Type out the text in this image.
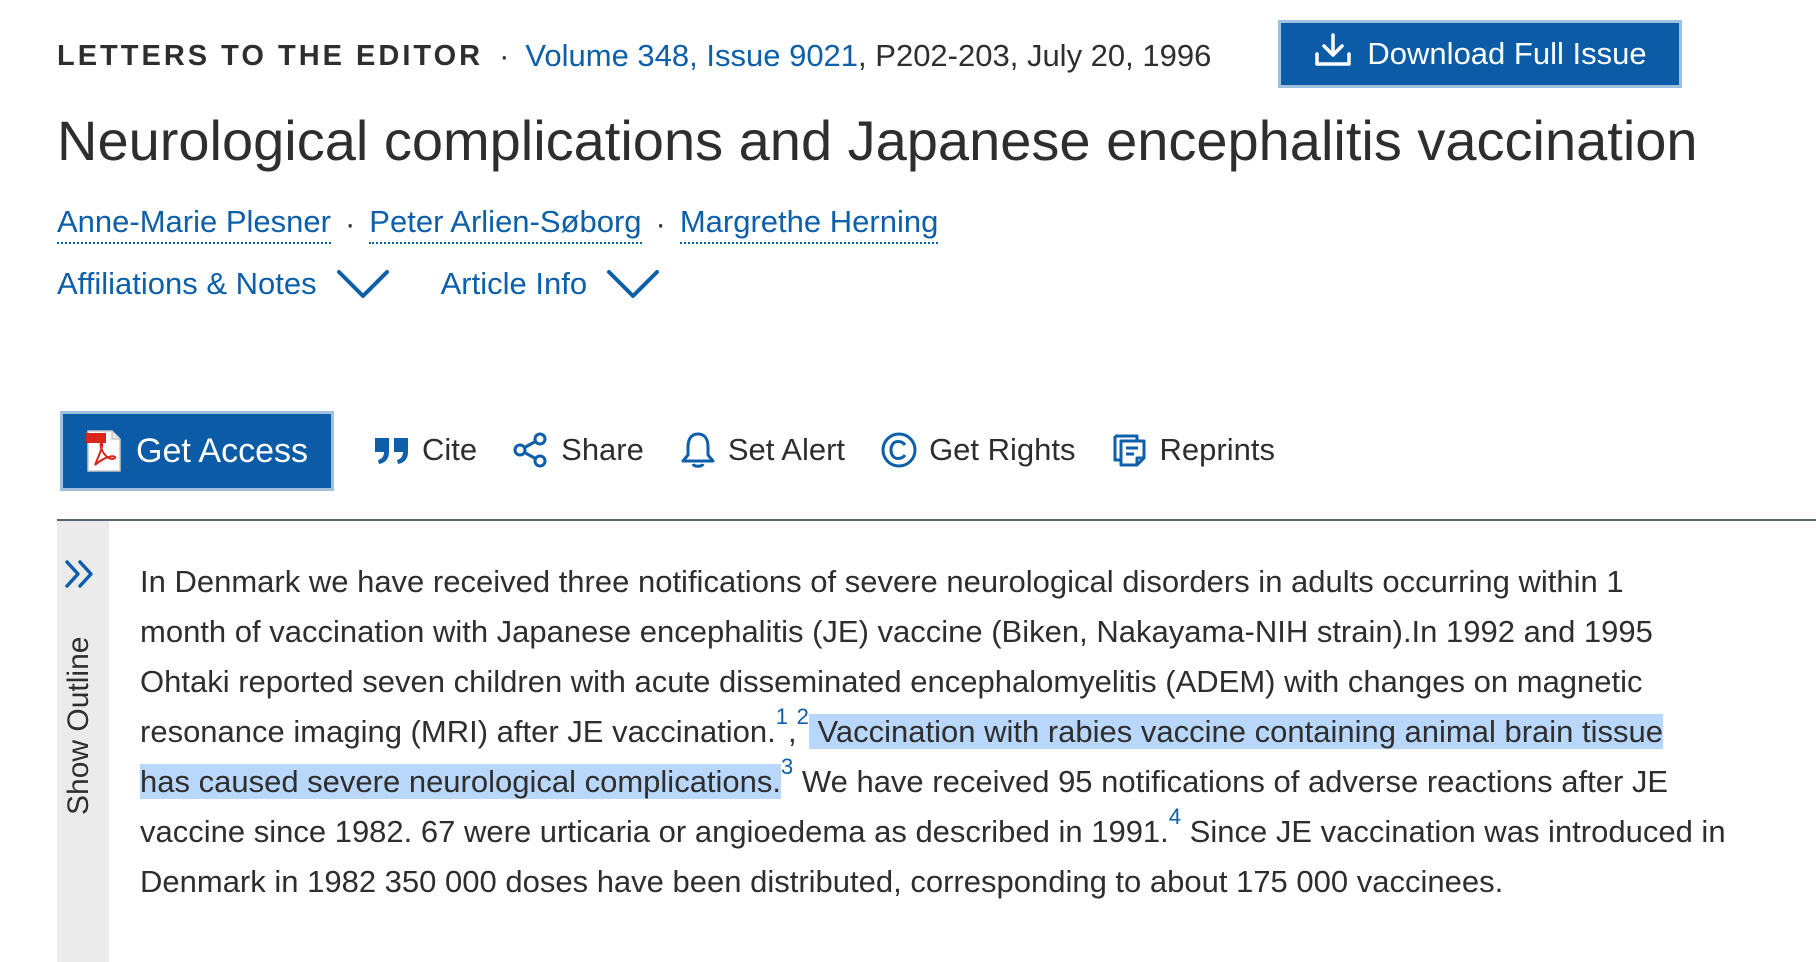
LETTERS TO THE EDITOR · Volume 348, Issue 9021 , P202-203, July 20, 1996	Download Full Issue
Neurological complications and Japanese encephalitis vaccination
Anne-Marie Plesner · Peter Arlien-Søborg · Margrethe Herning
Affiliations & Notes	Article Info
Get Access	Cite	Share	Set Alert	Get Rights	Reprints
Show Outline
In Denmark we have received three notifications of severe neurological disorders in adults occurring within 1
month of vaccination with Japanese encephalitis (JE) vaccine (Biken, Nakayama-NIH strain).In 1992 and 1995
Ohtaki reported seven children with acute disseminated encephalomyelitis (ADEM) with changes on magnetic
resonance imaging (MRI) after JE vaccination.$^1$,$^2$ Vaccination with rabies vaccine containing animal brain tissue
has caused severe neurological complications.$^3$ We have received 95 notifications of adverse reactions after JE
vaccine since 1982. 67 were urticaria or angioedema as described in 1991.$^4$ Since JE vaccination was introduced in
Denmark in 1982 350 000 doses have been distributed, corresponding to about 175 000 vaccinees.
